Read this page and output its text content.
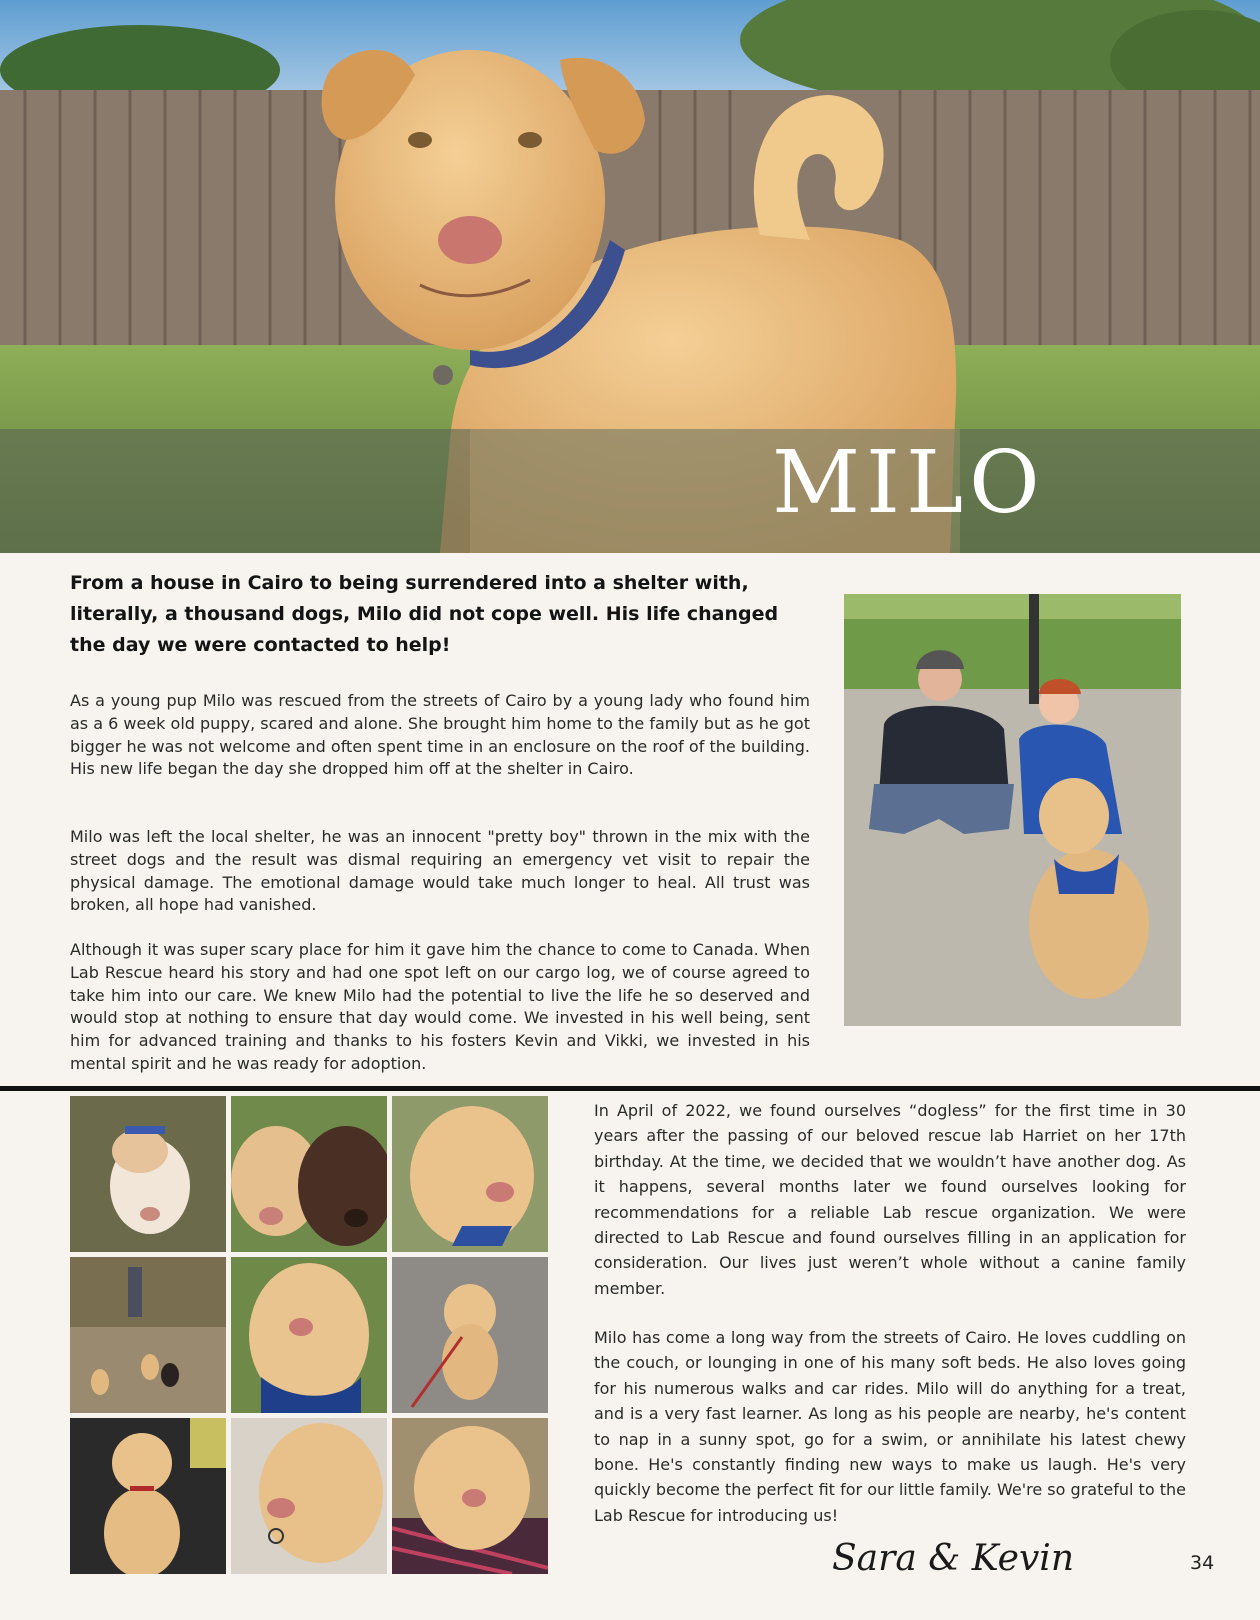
MILO

From a house in Cairo to being surrendered into a shelter with, literally, a thousand dogs, Milo did not cope well. His life changed the day we were contacted to help!

As a young pup Milo was rescued from the streets of Cairo by a young lady who found him as a 6 week old puppy, scared and alone. She brought him home to the family but as he got bigger he was not welcome and often spent time in an enclosure on the roof of the building. His new life began the day she dropped him off at the shelter in Cairo.

Milo was left the local shelter, he was an innocent "pretty boy" thrown in the mix with the street dogs and the result was dismal requiring an emergency vet visit to repair the physical damage. The emotional damage would take much longer to heal. All trust was broken, all hope had vanished.

Although it was super scary place for him it gave him the chance to come to Canada. When Lab Rescue heard his story and had one spot left on our cargo log, we of course agreed to take him into our care. We knew Milo had the potential to live the life he so deserved and would stop at nothing to ensure that day would come. We invested in his well being, sent him for advanced training and thanks to his fosters Kevin and Vikki, we invested in his mental spirit and he was ready for adoption.

In April of 2022, we found ourselves “dogless” for the first time in 30 years after the passing of our beloved rescue lab Harriet on her 17th birthday. At the time, we decided that we wouldn’t have another dog. As it happens, several months later we found ourselves looking for recommendations for a reliable Lab rescue organization. We were directed to Lab Rescue and found ourselves filling in an application for consideration. Our lives just weren’t whole without a canine family member.

Milo has come a long way from the streets of Cairo. He loves cuddling on the couch, or lounging in one of his many soft beds. He also loves going for his numerous walks and car rides. Milo will do anything for a treat, and is a very fast learner. As long as his people are nearby, he's content to nap in a sunny spot, go for a swim, or annihilate his latest chewy bone. He's constantly finding new ways to make us laugh. He's very quickly become the perfect fit for our little family. We're so grateful to the Lab Rescue for introducing us!

Sara & Kevin	34
